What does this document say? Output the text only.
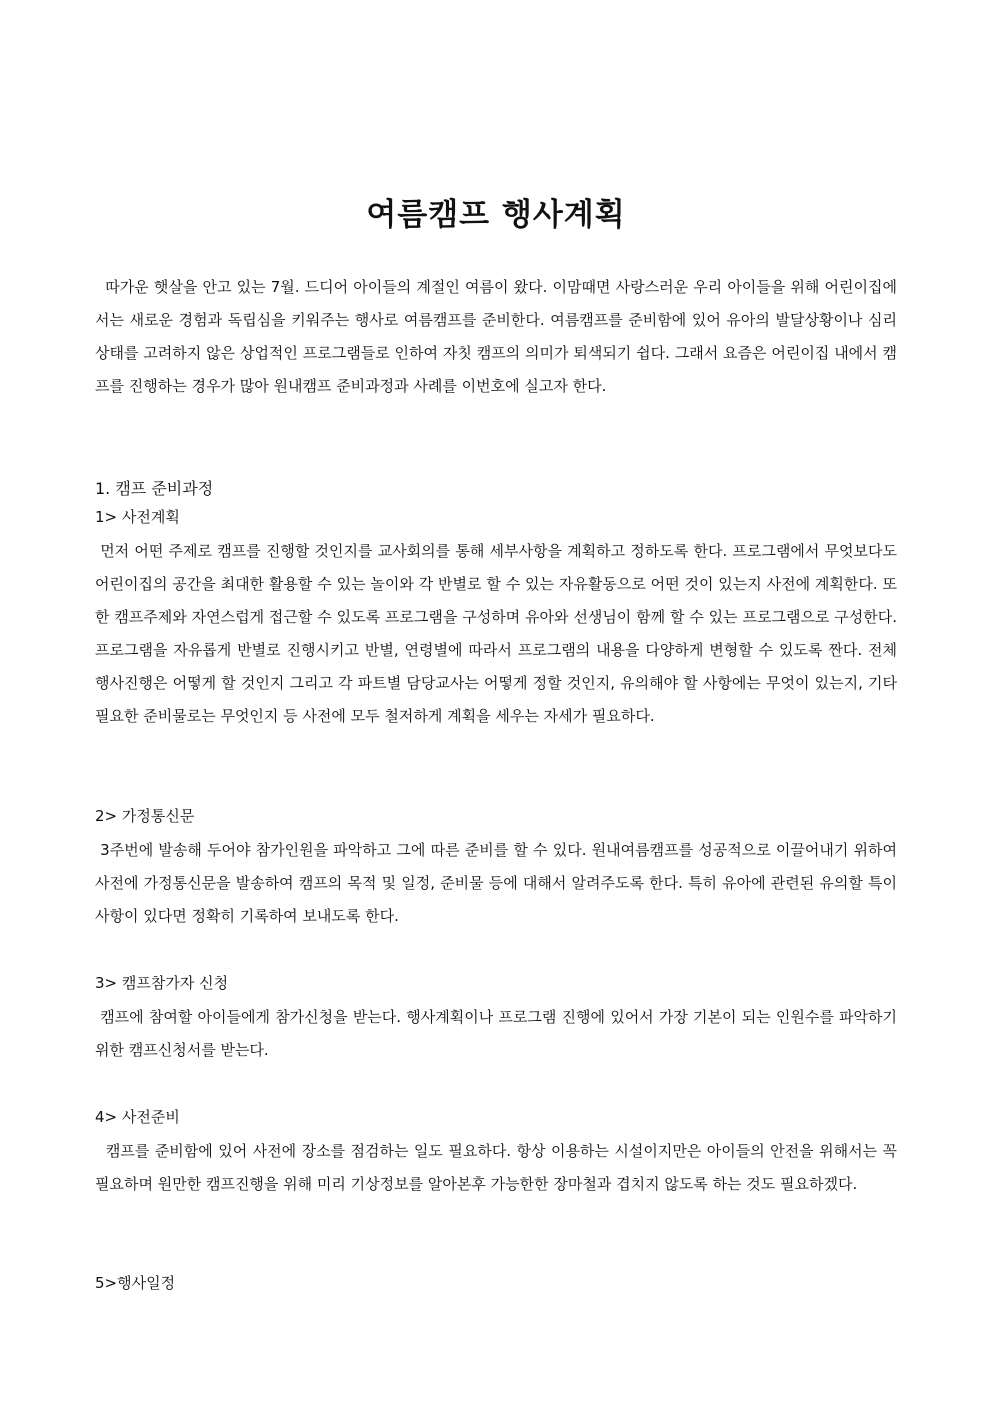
여름캠프 행사계획

따가운 햇살을 안고 있는 7월. 드디어 아이들의 계절인 여름이 왔다. 이맘때면 사랑스러운 우리 아이들을 위해 어린이집에서는 새로운 경험과 독립심을 키워주는 행사로 여름캠프를 준비한다. 여름캠프를 준비함에 있어 유아의 발달상황이나 심리상태를 고려하지 않은 상업적인 프로그램들로 인하여 자칫 캠프의 의미가 퇴색되기 쉽다. 그래서 요즘은 어린이집 내에서 캠프를 진행하는 경우가 많아 원내캠프 준비과정과 사례를 이번호에 실고자 한다.

1. 캠프 준비과정
1> 사전계획

먼저 어떤 주제로 캠프를 진행할 것인지를 교사회의를 통해 세부사항을 계획하고 정하도록 한다. 프로그램에서 무엇보다도 어린이집의 공간을 최대한 활용할 수 있는 놀이와 각 반별로 할 수 있는 자유활동으로 어떤 것이 있는지 사전에 계획한다. 또한 캠프주제와 자연스럽게 접근할 수 있도록 프로그램을 구성하며 유아와 선생님이 함께 할 수 있는 프로그램으로 구성한다. 프로그램을 자유롭게 반별로 진행시키고 반별, 연령별에 따라서 프로그램의 내용을 다양하게 변형할 수 있도록 짠다. 전체 행사진행은 어떻게 할 것인지 그리고 각 파트별 담당교사는 어떻게 정할 것인지, 유의해야 할 사항에는 무엇이 있는지, 기타 필요한 준비물로는 무엇인지 등 사전에 모두 철저하게 계획을 세우는 자세가 필요하다.

2> 가정통신문

3주번에 발송해 두어야 참가인원을 파악하고 그에 따른 준비를 할 수 있다. 원내여름캠프를 성공적으로 이끌어내기 위하여 사전에 가정통신문을 발송하여 캠프의 목적 및 일정, 준비물 등에 대해서 알려주도록 한다. 특히 유아에 관련된 유의할 특이사항이 있다면 정확히 기록하여 보내도록 한다.

3> 캠프참가자 신청

캠프에 참여할 아이들에게 참가신청을 받는다. 행사계획이나 프로그램 진행에 있어서 가장 기본이 되는 인원수를 파악하기 위한 캠프신청서를 받는다.

4> 사전준비

캠프를 준비함에 있어 사전에 장소를 점검하는 일도 필요하다. 항상 이용하는 시설이지만은 아이들의 안전을 위해서는 꼭 필요하며 원만한 캠프진행을 위해 미리 기상정보를 알아본후 가능한한 장마철과 겹치지 않도록 하는 것도 필요하겠다.

5>행사일정
